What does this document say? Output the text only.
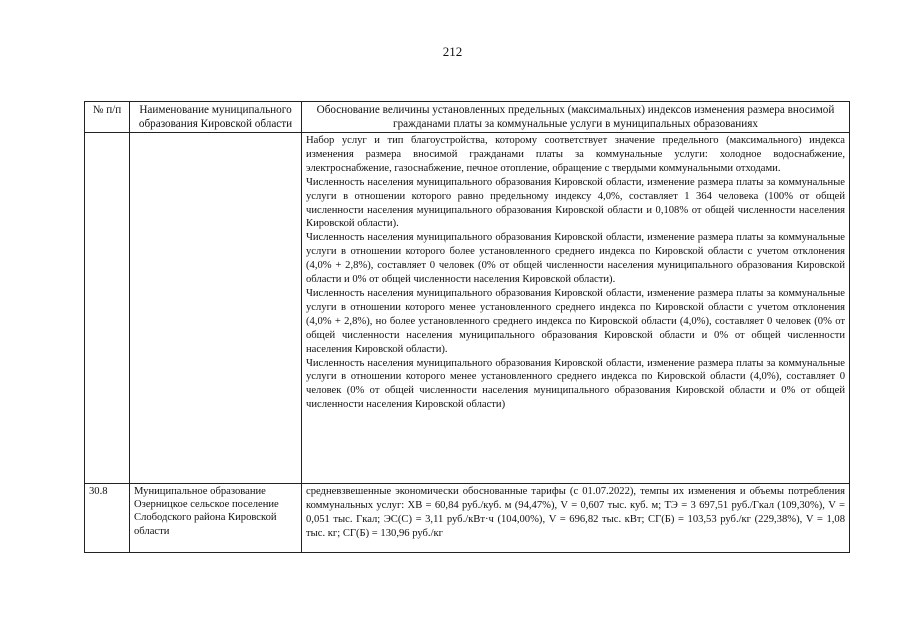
212
№ п/п	Наименование муниципального образования Кировской области	Обоснование величины установленных предельных (максимальных) индексов изменения размера вносимой гражданами платы за коммунальные услуги в муниципальных образованиях

		Набор услуг и тип благоустройства, которому соответствует значение предельного (максимального) индекса изменения размера вносимой гражданами платы за коммунальные услуги: холодное водоснабжение, электроснабжение, газоснабжение, печное отопление, обращение с твердыми коммунальными отходами.

Численность населения муниципального образования Кировской области, изменение размера платы за коммунальные услуги в отношении которого равно предельному индексу 4,0%, составляет 1 364 человека (100% от общей численности населения муниципального образования Кировской области и 0,108% от общей численности населения Кировской области).

Численность населения муниципального образования Кировской области, изменение размера платы за коммунальные услуги в отношении которого более установленного среднего индекса по Кировской области с учетом отклонения (4,0% + 2,8%), составляет 0 человек (0% от общей численности населения муниципального образования Кировской области и 0% от общей численности населения Кировской области).

Численность населения муниципального образования Кировской области, изменение размера платы за коммунальные услуги в отношении которого менее установленного среднего индекса по Кировской области с учетом отклонения (4,0% + 2,8%), но более установленного среднего индекса по Кировской области (4,0%), составляет 0 человек (0% от общей численности населения муниципального образования Кировской области и 0% от общей численности населения Кировской области).

Численность населения муниципального образования Кировской области, изменение размера платы за коммунальные услуги в отношении которого менее установленного среднего индекса по Кировской области (4,0%), составляет 0 человек (0% от общей численности населения муниципального образования Кировской области и 0% от общей численности населения Кировской области)

30.8	Муниципальное образование Озерницкое сельское поселение Слободского района Кировской области	средневзвешенные экономически обоснованные тарифы (с 01.07.2022), темпы их изменения и объемы потребления коммунальных услуг: ХВ = 60,84 руб./куб. м (94,47%), V = 0,607 тыс. куб. м; ТЭ = 3 697,51 руб./Гкал (109,30%), V = 0,051 тыс. Гкал; ЭС(С) = 3,11 руб./кВт·ч (104,00%), V = 696,82 тыс. кВт; СГ(Б) = 103,53 руб./кг (229,38%), V = 1,08 тыс. кг; СГ(Б) = 130,96 руб./кг
